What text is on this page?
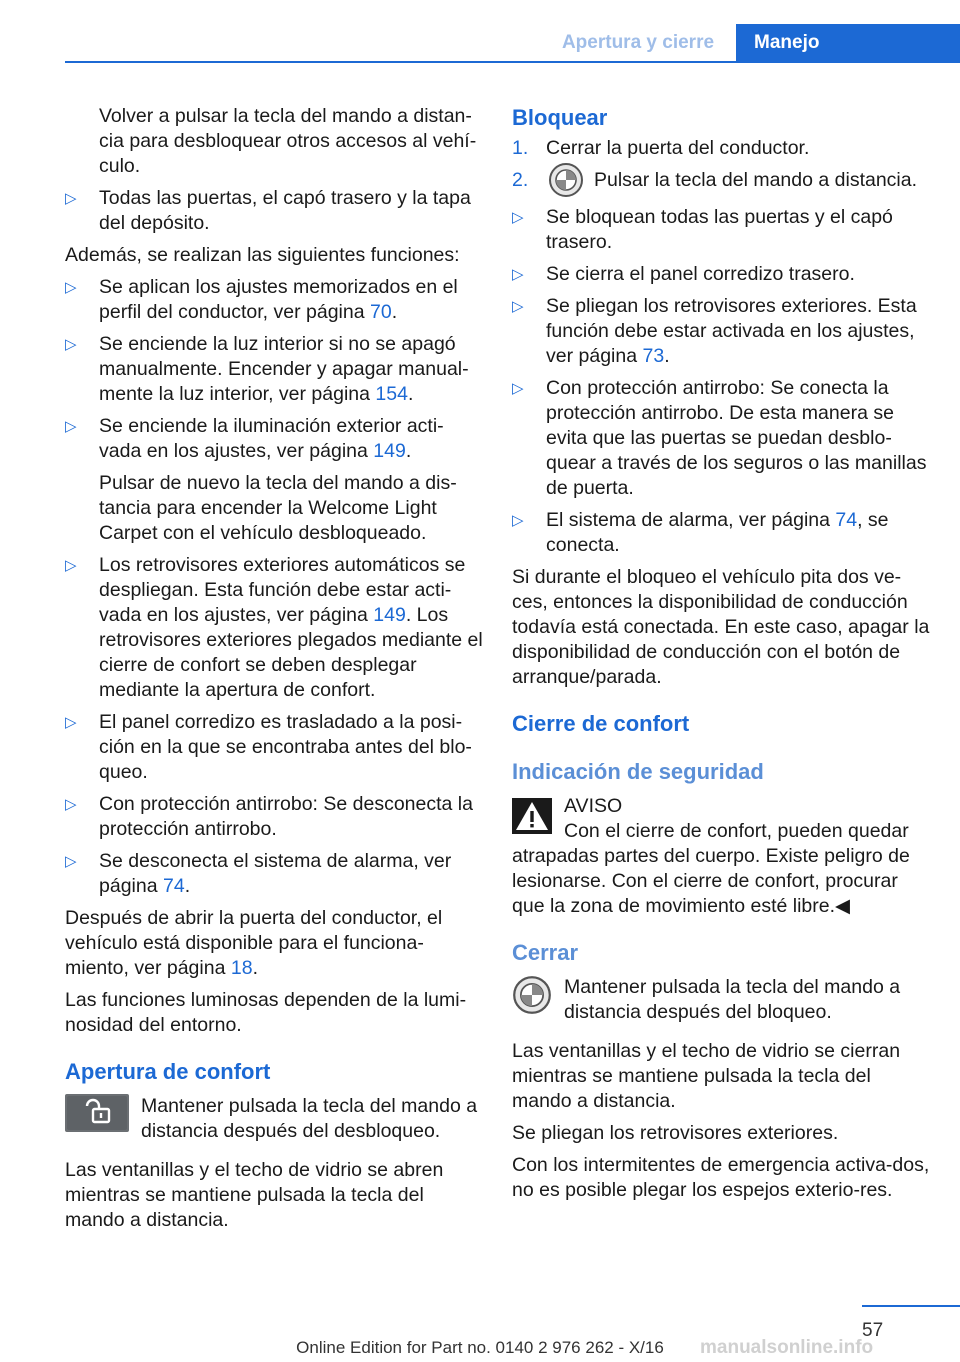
Apertura y cierre	Manejo

Volver a pulsar la tecla del mando a distan‐cia para desbloquear otros accesos al vehí‐culo.

▷	Todas las puertas, el capó trasero y la tapa del depósito.

Además, se realizan las siguientes funciones:

▷	Se aplican los ajustes memorizados en el perfil del conductor, ver página 70.
▷	Se enciende la luz interior si no se apagó manualmente. Encender y apagar manual‐mente la luz interior, ver página 154.
▷	Se enciende la iluminación exterior acti‐vada en los ajustes, ver página 149.

Pulsar de nuevo la tecla del mando a dis‐tancia para encender la Welcome Light Carpet con el vehículo desbloqueado.

▷	Los retrovisores exteriores automáticos se despliegan. Esta función debe estar acti‐vada en los ajustes, ver página 149. Los retrovisores exteriores plegados mediante el cierre de confort se deben desplegar mediante la apertura de confort.
▷	El panel corredizo es trasladado a la posi‐ción en la que se encontraba antes del blo‐queo.
▷	Con protección antirrobo: Se desconecta la protección antirrobo.
▷	Se desconecta el sistema de alarma, ver página 74.

Después de abrir la puerta del conductor, el vehículo está disponible para el funciona‐miento, ver página 18.

Las funciones luminosas dependen de la lumi‐nosidad del entorno.

Apertura de confort
Mantener pulsada la tecla del mando a distancia después del desbloqueo.

Las ventanillas y el techo de vidrio se abren mientras se mantiene pulsada la tecla del mando a distancia.

Bloquear
1. Cerrar la puerta del conductor.
2.	Pulsar la tecla del mando a distancia.
▷	Se bloquean todas las puertas y el capó trasero.
▷	Se cierra el panel corredizo trasero.
▷	Se pliegan los retrovisores exteriores. Esta función debe estar activada en los ajustes, ver página 73.
▷	Con protección antirrobo: Se conecta la protección antirrobo. De esta manera se evita que las puertas se puedan desblo‐quear a través de los seguros o las manillas de puerta.
▷	El sistema de alarma, ver página 74, se conecta.

Si durante el bloqueo el vehículo pita dos ve‐ces, entonces la disponibilidad de conducción todavía está conectada. En este caso, apagar la disponibilidad de conducción con el botón de arranque/parada.

Cierre de confort
Indicación de seguridad
AVISO
Con el cierre de confort, pueden quedar
atrapadas partes del cuerpo. Existe peligro de lesionarse. Con el cierre de confort, procurar que la zona de movimiento esté libre.◀
Cerrar
Mantener pulsada la tecla del mando a distancia después del bloqueo.

Las ventanillas y el techo de vidrio se cierran mientras se mantiene pulsada la tecla del mando a distancia.

Se pliegan los retrovisores exteriores.

Con los intermitentes de emergencia activa‐dos, no es posible plegar los espejos exterio‐res.

57
manualsonline.info
Online Edition for Part no. 0140 2 976 262 - X/16
